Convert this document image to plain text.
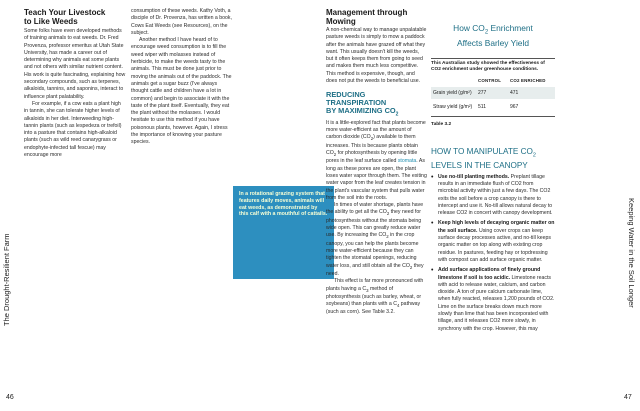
The Drought-Resilient Farm	Keeping Water in the Soil Longer
46	47
Teach Your Livestock
to Like Weeds

Some folks have even developed methods of training animals to eat weeds. Dr. Fred Provenza, professor emeritus at Utah State University, has made a career out of determining why animals eat some plants and not others with similar nutrient content. His work is quite fascinating, explaining how secondary compounds, such as terpenes, alkaloids, tannins, and saponins, interact to influence plant palatability.

For example, if a cow eats a plant high in tannin, she can tolerate higher levels of alkaloids in her diet. Interweeding high-tannin plants (such as lespedeza or trefoil) into a pasture that contains high-alkaloid plants (such as wild reed canarygrass or endophyte-infected tall fescue) may encourage more

consumption of these weeds. Kathy Voth, a disciple of Dr. Provenza, has written a book, Cows Eat Weeds (see Resources), on the subject.

Another method I have heard of to encourage weed consumption is to fill the weed wiper with molasses instead of herbicide, to make the weeds tasty to the animals. This must be done just prior to moving the animals out of the paddock. The animals get a sugar buzz (I've always thought cattle and children have a lot in common) and begin to associate it with the taste of the plant itself. Eventually, they eat the plant without the molasses. I would hesitate to use this method if you have poisonous plants, however. Again, I stress the importance of knowing your pasture species.

In a rotational grazing system that features daily moves, animals will eat weeds, as demonstrated by this calf with a mouthful of cattails.
Management through Mowing

A non-chemical way to manage unpalatable pasture weeds is simply to mow a paddock after the animals have grazed off what they want. This usually doesn't kill the weeds, but it often keeps them from going to seed and makes them much less competitive. This method is expensive, though, and does not put the weeds to beneficial use.

REDUCING TRANSPIRATION
BY MAXIMIZING $CO_2$

It is a little-explored fact that plants become more water-efficient as the amount of carbon dioxide $(CO_2)$ available to them increases. This is because plants obtain $CO_2$ for photosynthesis by opening little pores in the leaf surface called stomata. As long as these pores are open, the plant loses water vapor through them. The exiting water vapor from the leaf creates tension in the plant's vascular system that pulls water from the soil into the roots.

In times of water shortage, plants have the ability to get all the $CO_2$ they need for photosynthesis without the stomata being wide open. This can greatly reduce water use. By increasing the $CO_2$ in the crop canopy, you can help the plants become more water-efficient because they can tighten the stomatal openings, reducing water loss, and still obtain all the $CO_2$ they need.

This effect is far more pronounced with plants having a $C_3$ method of photosynthesis (such as barley, wheat, or soybeans) than plants with a $C_4$ pathway (such as corn). See Table 3.2.

How $CO_2$ Enrichment
Affects Barley Yield
This Australian study showed the effectiveness of CO2 enrichment under greenhouse conditions.
CONTROL CO2 ENRICHED
Grain yield (g/m²) 277	471
Straw yield (g/m²) 511	967
Table 3.2
HOW TO MANIPULATE $CO_2$
LEVELS IN THE CANOPY
• Use no-till planting methods. Preplant tillage results in an immediate flush of CO2 from microbial activity within just a few days. The CO2 exits the soil before a crop canopy is there to intercept and use it. No-till allows natural decay to release CO2 in concert with canopy development.
• Keep high levels of decaying organic matter on the soil surface. Using cover crops can keep surface decay processes active, and no-till keeps organic matter on top along with existing crop residue. In pastures, feeding hay or topdressing with compost can add surface organic matter.
• Add surface applications of finely ground limestone if soil is too acidic. Limestone reacts with acid to release water, calcium, and carbon dioxide. A ton of pure calcium carbonate lime, when fully reacted, releases 1,200 pounds of CO2. Lime on the surface breaks down much more slowly than lime that has been incorporated with tillage, and it releases CO2 more slowly, in synchrony with the crop. However, this may
